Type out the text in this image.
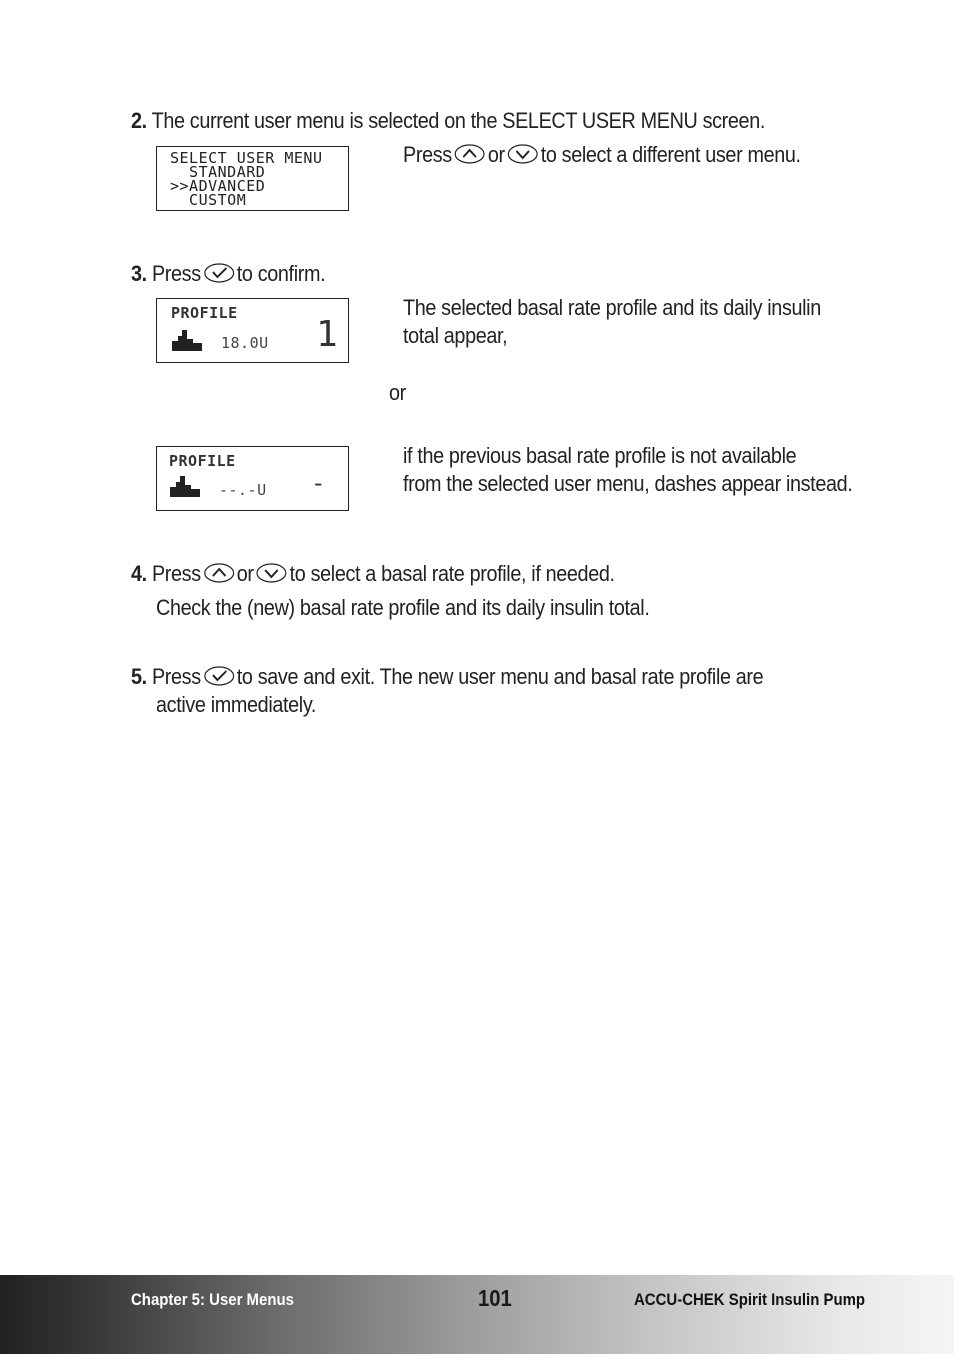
2. The current user menu is selected on the SELECT USER MENU screen.
SELECT USER MENU
STANDARD
>>ADVANCED
CUSTOM
Press or to select a different user menu.
3. Press to confirm.
PROFILE
18.0U 1
The selected basal rate profile and its daily insulin
total appear,
or
PROFILE
--.-U -
if the previous basal rate profile is not available
from the selected user menu, dashes appear instead.
4. Press or to select a basal rate profile, if needed.
Check the (new) basal rate profile and its daily insulin total.
5. Press to save and exit. The new user menu and basal rate profile are
active immediately.
Chapter 5: User Menus	101	ACCU-CHEK Spirit Insulin Pump
